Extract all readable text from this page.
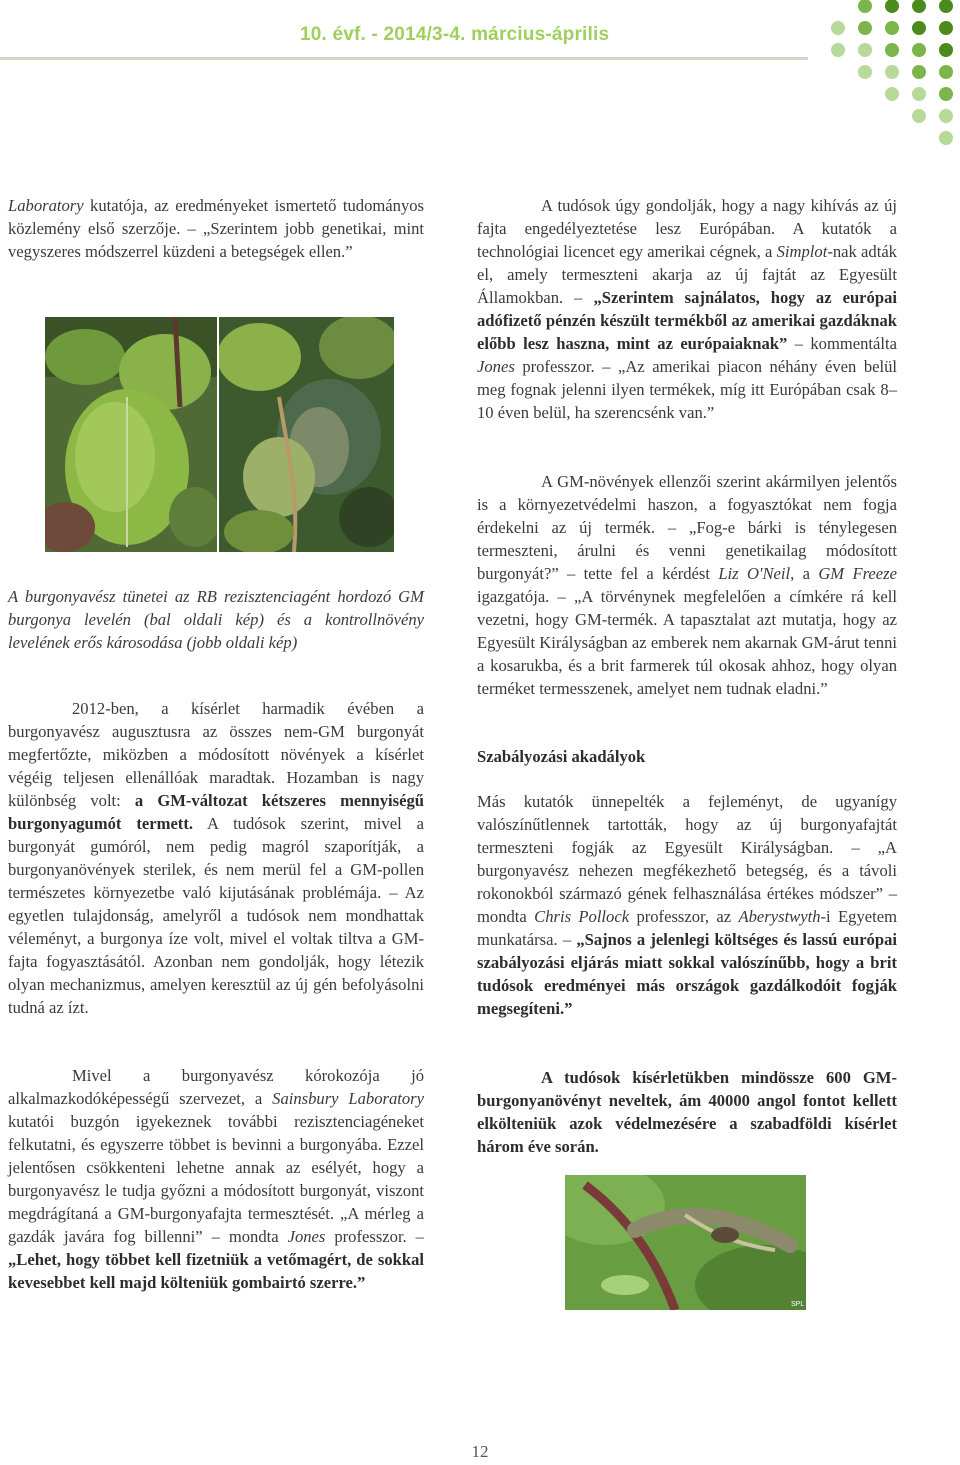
10. évf. - 2014/3-4. március-április

Laboratory kutatója, az eredményeket ismertető tudományos közlemény első szerzője. – „Szerintem jobb genetikai, mint vegyszeres módszerrel küzdeni a betegségek ellen.”

A burgonyavész tünetei az RB rezisztenciagént hordozó GM burgonya levelén (bal oldali kép) és a kontrollnövény levelének erős károsodása (jobb oldali kép)

2012-ben, a kísérlet harmadik évében a burgonyavész augusztusra az összes nem-GM burgonyát megfertőzte, miközben a módosított növények a kísérlet végéig teljesen ellenállóak maradtak. Hozamban is nagy különbség volt: a GM-változat kétszeres mennyiségű burgonyagumót termett. A tudósok szerint, mivel a burgonyát gumóról, nem pedig magról szaporítják, a burgonyanövények sterilek, és nem merül fel a GM-pollen természetes környezetbe való kijutásának problémája. – Az egyetlen tulajdonság, amelyről a tudósok nem mondhattak véleményt, a burgonya íze volt, mivel el voltak tiltva a GM-fajta fogyasztásától. Azonban nem gondolják, hogy létezik olyan mechanizmus, amelyen keresztül az új gén befolyásolni tudná az ízt.

Mivel a burgonyavész kórokozója jó alkalmazkodóképességű szervezet, a Sainsbury Laboratory kutatói buzgón igyekeznek további rezisztenciagéneket felkutatni, és egyszerre többet is bevinni a burgonyába. Ezzel jelentősen csökkenteni lehetne annak az esélyét, hogy a burgonyavész le tudja győzni a módosított burgonyát, viszont megdrágítaná a GM-burgonyafajta termesztését. „A mérleg a gazdák javára fog billenni” – mondta Jones professzor. – „Lehet, hogy többet kell fizetniük a vetőmagért, de sokkal kevesebbet kell majd költeniük gombairtó szerre.”

A tudósok úgy gondolják, hogy a nagy kihívás az új fajta engedélyeztetése lesz Európában. A kutatók a technológiai licencet egy amerikai cégnek, a Simplot-nak adták el, amely termeszteni akarja az új fajtát az Egyesült Államokban. – „Szerintem sajnálatos, hogy az európai adófizető pénzén készült termékből az amerikai gazdáknak előbb lesz haszna, mint az európaiaknak” – kommentálta Jones professzor. – „Az amerikai piacon néhány éven belül meg fognak jelenni ilyen termékek, míg itt Európában csak 8–10 éven belül, ha szerencsénk van.”

A GM-növények ellenzői szerint akármilyen jelentős is a környezetvédelmi haszon, a fogyasztókat nem fogja érdekelni az új termék. – „Fog-e bárki is ténylegesen termeszteni, árulni és venni genetikailag módosított burgonyát?” – tette fel a kérdést Liz O'Neil, a GM Freeze igazgatója. – „A törvénynek megfelelően a címkére rá kell vezetni, hogy GM-termék. A tapasztalat azt mutatja, hogy az Egyesült Királyságban az emberek nem akarnak GM-árut tenni a kosarukba, és a brit farmerek túl okosak ahhoz, hogy olyan terméket termesszenek, amelyet nem tudnak eladni.”

Szabályozási akadályok

Más kutatók ünnepelték a fejleményt, de ugyanígy valószínűtlennek tartották, hogy az új burgonyafajtát termeszteni fogják az Egyesült Királyságban. – „A burgonyavész nehezen megfékezhető betegség, és a távoli rokonokból származó gének felhasználása értékes módszer” – mondta Chris Pollock professzor, az Aberystwyth-i Egyetem munkatársa. – „Sajnos a jelenlegi költséges és lassú európai szabályozási eljárás miatt sokkal valószínűbb, hogy a brit tudósok eredményei más országok gazdálkodóit fogják megsegíteni.”

A tudósok kísérletükben mindössze 600 GM-burgonyanövényt neveltek, ám 40000 angol fontot kellett elkölteniük azok védelmezésére a szabadföldi kísérlet három éve során.

SPL
12
